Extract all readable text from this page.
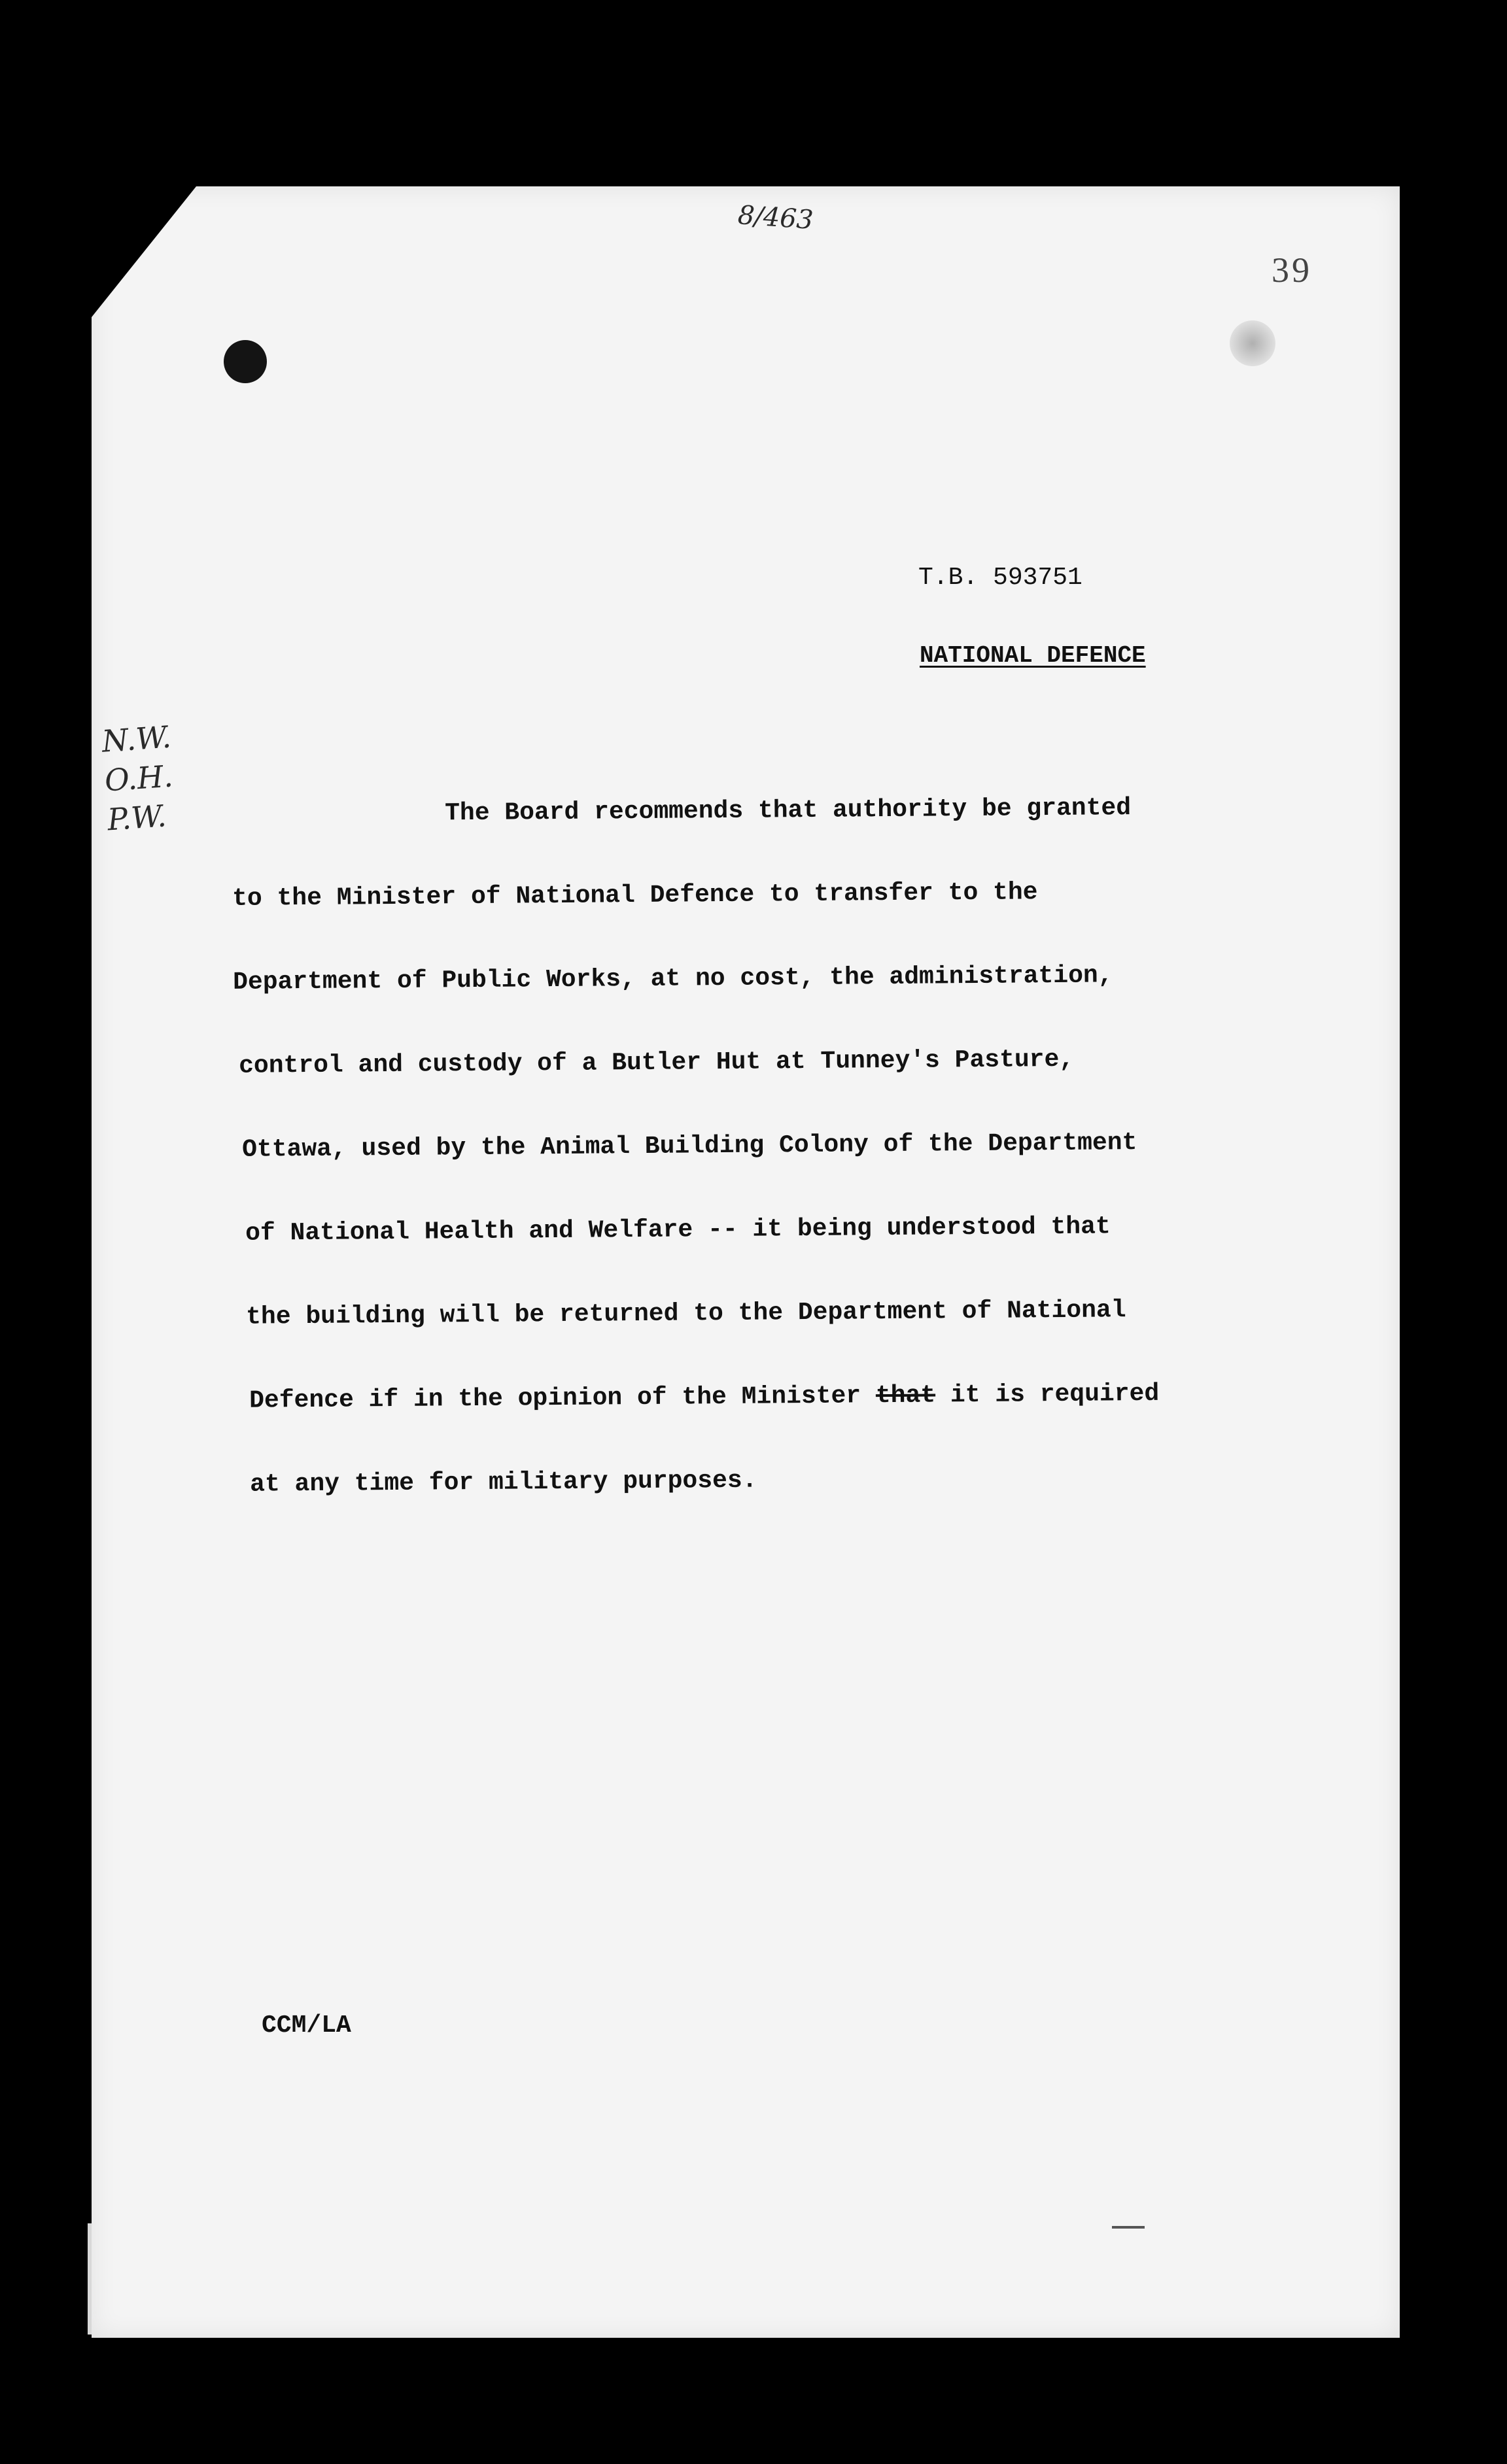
8/463
39
N.W.
O.H.
P.W.
T.B. 593751
NATIONAL DEFENCE
The Board recommends that authority be granted
to the Minister of National Defence to transfer to the
Department of Public Works, at no cost, the administration,
control and custody of a Butler Hut at Tunney's Pasture,
Ottawa, used by the Animal Building Colony of the Department
of National Health and Welfare -- it being understood that
the building will be returned to the Department of National
Defence if in the opinion of the Minister that it is required
at any time for military purposes.
CCM/LA
